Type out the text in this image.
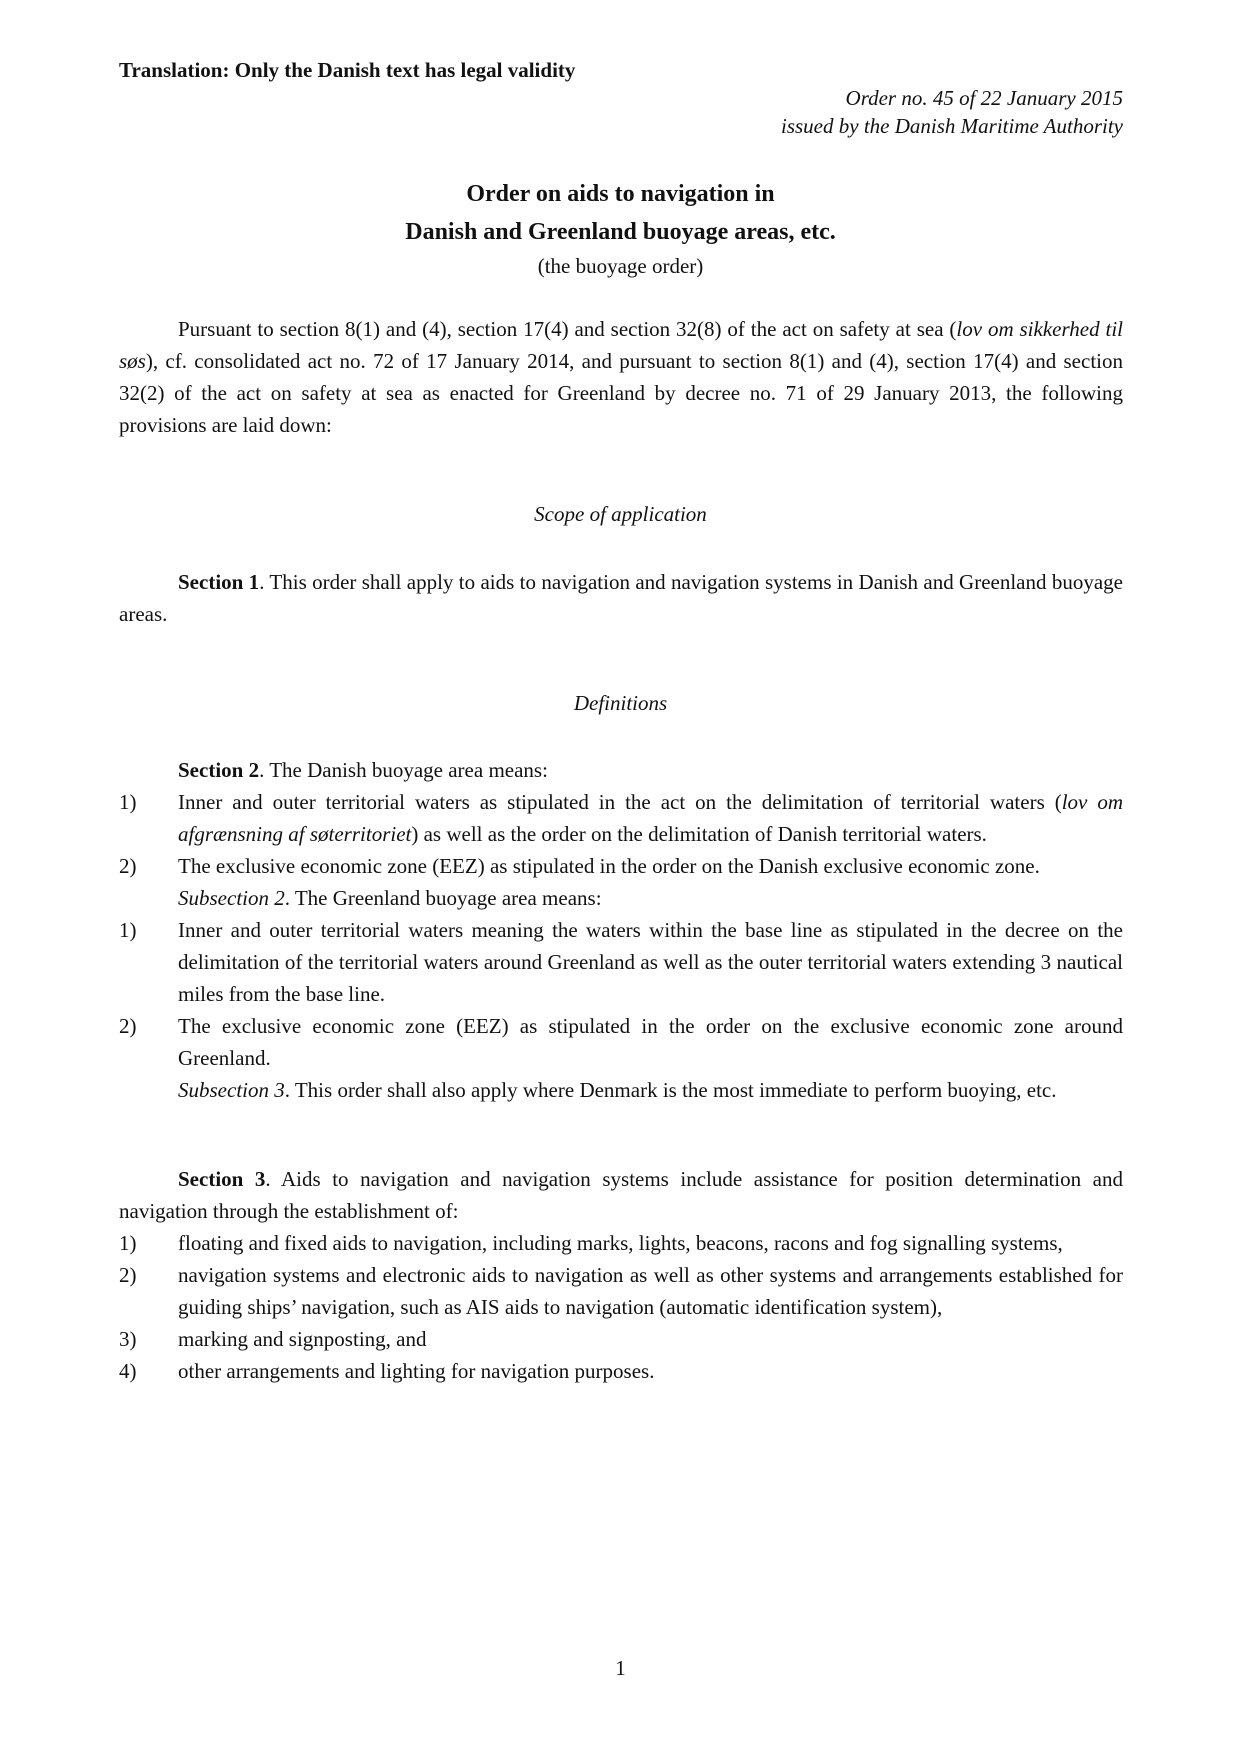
Translation: Only the Danish text has legal validity
Order no. 45 of 22 January 2015
issued by the Danish Maritime Authority
Order on aids to navigation in
Danish and Greenland buoyage areas, etc.
(the buoyage order)
Pursuant to section 8(1) and (4), section 17(4) and section 32(8) of the act on safety at sea (lov om sikkerhed til søs), cf. consolidated act no. 72 of 17 January 2014, and pursuant to section 8(1) and (4), section 17(4) and section 32(2) of the act on safety at sea as enacted for Greenland by decree no. 71 of 29 January 2013, the following provisions are laid down:
Scope of application
Section 1. This order shall apply to aids to navigation and navigation systems in Danish and Greenland buoyage areas.
Definitions
Section 2. The Danish buoyage area means:
1) Inner and outer territorial waters as stipulated in the act on the delimitation of territorial waters (lov om afgrænsning af søterritoriet) as well as the order on the delimitation of Danish territorial waters.
2) The exclusive economic zone (EEZ) as stipulated in the order on the Danish exclusive economic zone.
Subsection 2. The Greenland buoyage area means:
1) Inner and outer territorial waters meaning the waters within the base line as stipulated in the decree on the delimitation of the territorial waters around Greenland as well as the outer territorial waters extending 3 nautical miles from the base line.
2) The exclusive economic zone (EEZ) as stipulated in the order on the exclusive economic zone around Greenland.
Subsection 3. This order shall also apply where Denmark is the most immediate to perform buoying, etc.
Section 3. Aids to navigation and navigation systems include assistance for position determination and navigation through the establishment of:
1) floating and fixed aids to navigation, including marks, lights, beacons, racons and fog signalling systems,
2) navigation systems and electronic aids to navigation as well as other systems and arrangements established for guiding ships’ navigation, such as AIS aids to navigation (automatic identification system),
3) marking and signposting, and
4) other arrangements and lighting for navigation purposes.
1
